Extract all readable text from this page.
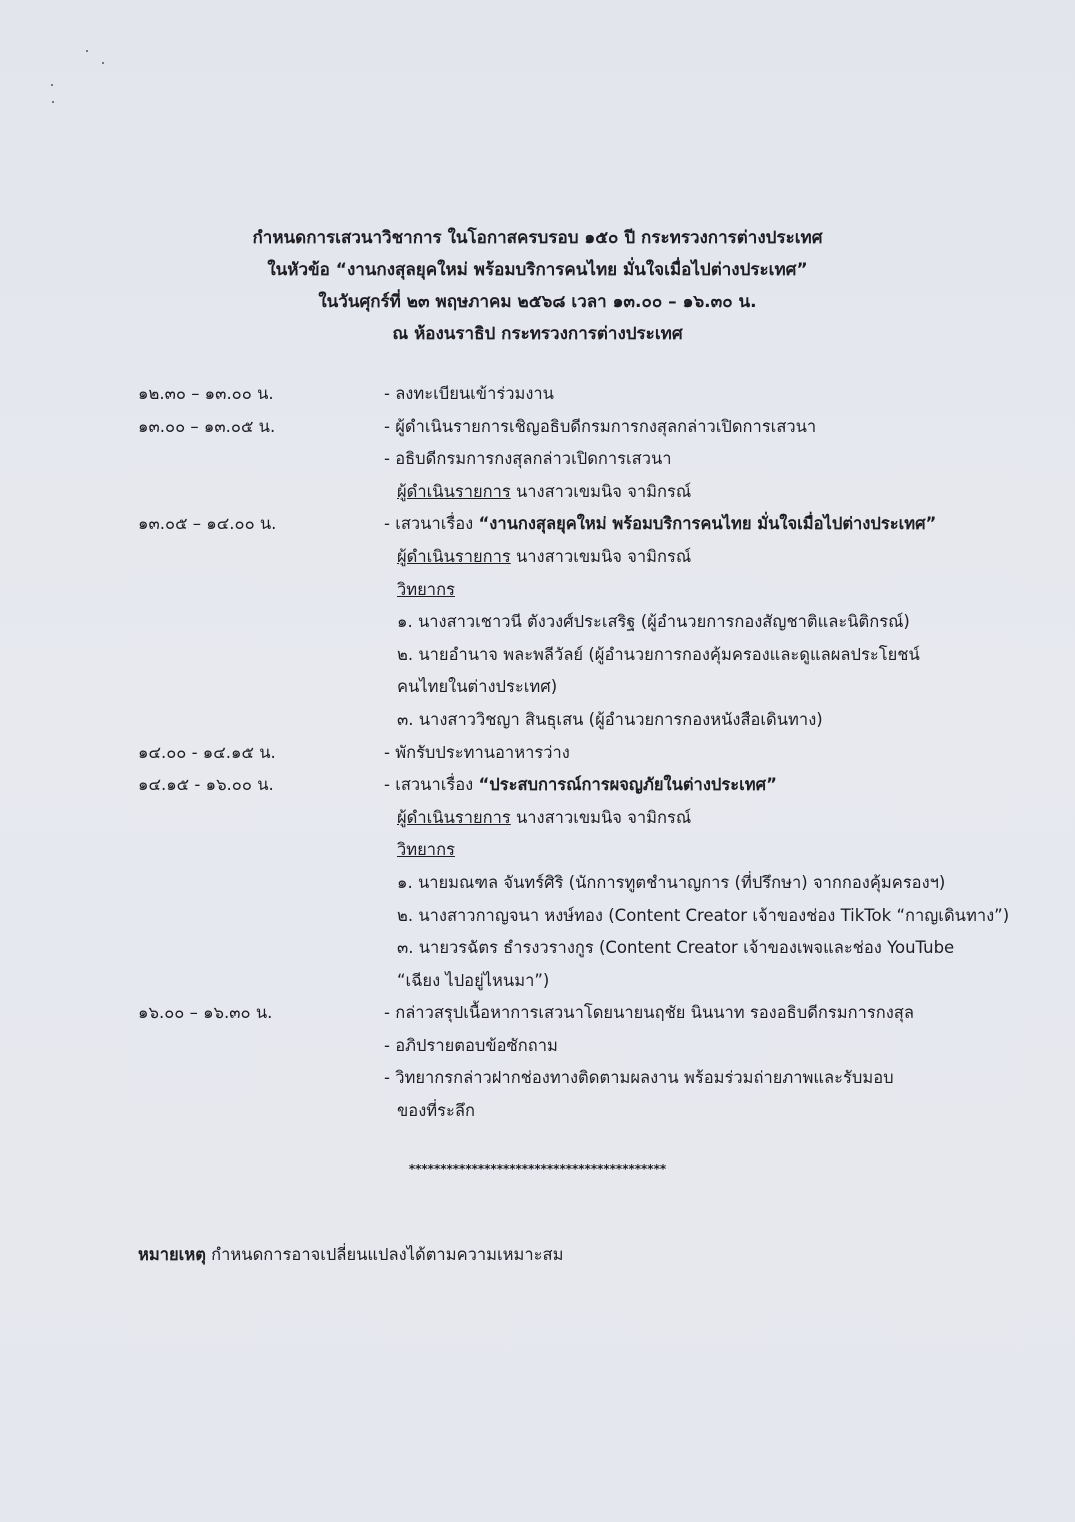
กำหนดการเสวนาวิชาการ ในโอกาสครบรอบ ๑๕๐ ปี กระทรวงการต่างประเทศ
ในหัวข้อ “งานกงสุลยุคใหม่ พร้อมบริการคนไทย มั่นใจเมื่อไปต่างประเทศ”
ในวันศุกร์ที่ ๒๓ พฤษภาคม ๒๕๖๘ เวลา ๑๓.๐๐ – ๑๖.๓๐ น.
ณ ห้องนราธิป กระทรวงการต่างประเทศ
๑๒.๓๐ – ๑๓.๐๐ น.	- ลงทะเบียนเข้าร่วมงาน
๑๓.๐๐ – ๑๓.๐๕ น.	- ผู้ดำเนินรายการเชิญอธิบดีกรมการกงสุลกล่าวเปิดการเสวนา
- อธิบดีกรมการกงสุลกล่าวเปิดการเสวนา
ผู้ดำเนินรายการ นางสาวเขมนิจ จามิกรณ์
๑๓.๐๕ – ๑๔.๐๐ น.	- เสวนาเรื่อง “งานกงสุลยุคใหม่ พร้อมบริการคนไทย มั่นใจเมื่อไปต่างประเทศ”
ผู้ดำเนินรายการ นางสาวเขมนิจ จามิกรณ์
วิทยากร
๑. นางสาวเชาวนี ตังวงศ์ประเสริฐ (ผู้อำนวยการกองสัญชาติและนิติกรณ์)
๒. นายอำนาจ พละพลีวัลย์ (ผู้อำนวยการกองคุ้มครองและดูแลผลประโยชน์
คนไทยในต่างประเทศ)
๓. นางสาววิชญา สินธุเสน (ผู้อำนวยการกองหนังสือเดินทาง)
๑๔.๐๐ - ๑๔.๑๕ น.	- พักรับประทานอาหารว่าง
๑๔.๑๕ - ๑๖.๐๐ น.	- เสวนาเรื่อง “ประสบการณ์การผจญภัยในต่างประเทศ”
ผู้ดำเนินรายการ นางสาวเขมนิจ จามิกรณ์
วิทยากร
๑. นายมณฑล จันทร์ศิริ (นักการทูตชำนาญการ (ที่ปรึกษา) จากกองคุ้มครองฯ)
๒. นางสาวกาญจนา หงษ์ทอง (Content Creator เจ้าของช่อง TikTok “กาญเดินทาง”)
๓. นายวรฉัตร ธำรงวรางกูร (Content Creator เจ้าของเพจและช่อง YouTube
“เฉียง ไปอยู่ไหนมา”)
๑๖.๐๐ – ๑๖.๓๐ น.	- กล่าวสรุปเนื้อหาการเสวนาโดยนายนฤชัย นินนาท รองอธิบดีกรมการกงสุล
- อภิปรายตอบข้อซักถาม
- วิทยากรกล่าวฝากช่องทางติดตามผลงาน พร้อมร่วมถ่ายภาพและรับมอบ
ของที่ระลึก
*****************************************
หมายเหตุ กำหนดการอาจเปลี่ยนแปลงได้ตามความเหมาะสม
